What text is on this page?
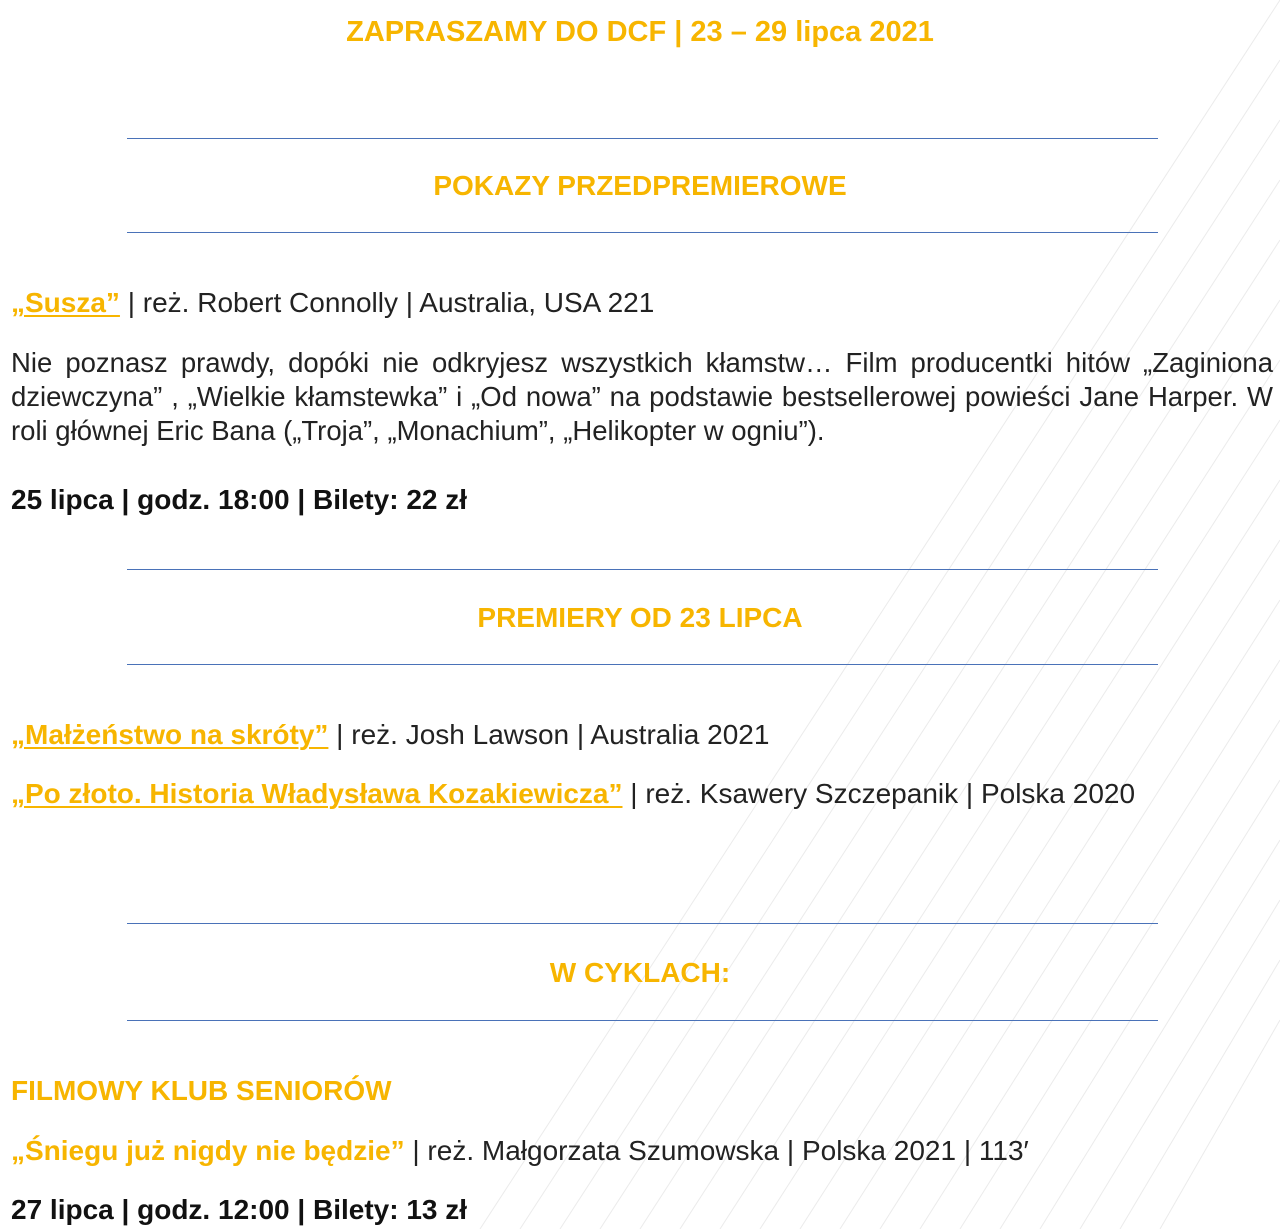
ZAPRASZAMY DO DCF | 23 – 29 lipca 2021
POKAZY PRZEDPREMIEROWE
„Susza” | reż. Robert Connolly | Australia, USA 221
Nie poznasz prawdy, dopóki nie odkryjesz wszystkich kłamstw… Film producentki hitów „Zaginiona dziewczyna” , „Wielkie kłamstewka” i „Od nowa” na podstawie bestsellerowej powieści Jane Harper. W roli głównej Eric Bana („Troja”, „Monachium”, „Helikopter w ogniu”).
25 lipca | godz. 18:00 | Bilety: 22 zł
PREMIERY OD 23 LIPCA
„Małżeństwo na skróty” | reż. Josh Lawson | Australia 2021
„Po złoto. Historia Władysława Kozakiewicza” | reż. Ksawery Szczepanik | Polska 2020
W CYKLACH:
FILMOWY KLUB SENIORÓW
„Śniegu już nigdy nie będzie” | reż. Małgorzata Szumowska | Polska 2021 | 113′
27 lipca | godz. 12:00 | Bilety: 13 zł
